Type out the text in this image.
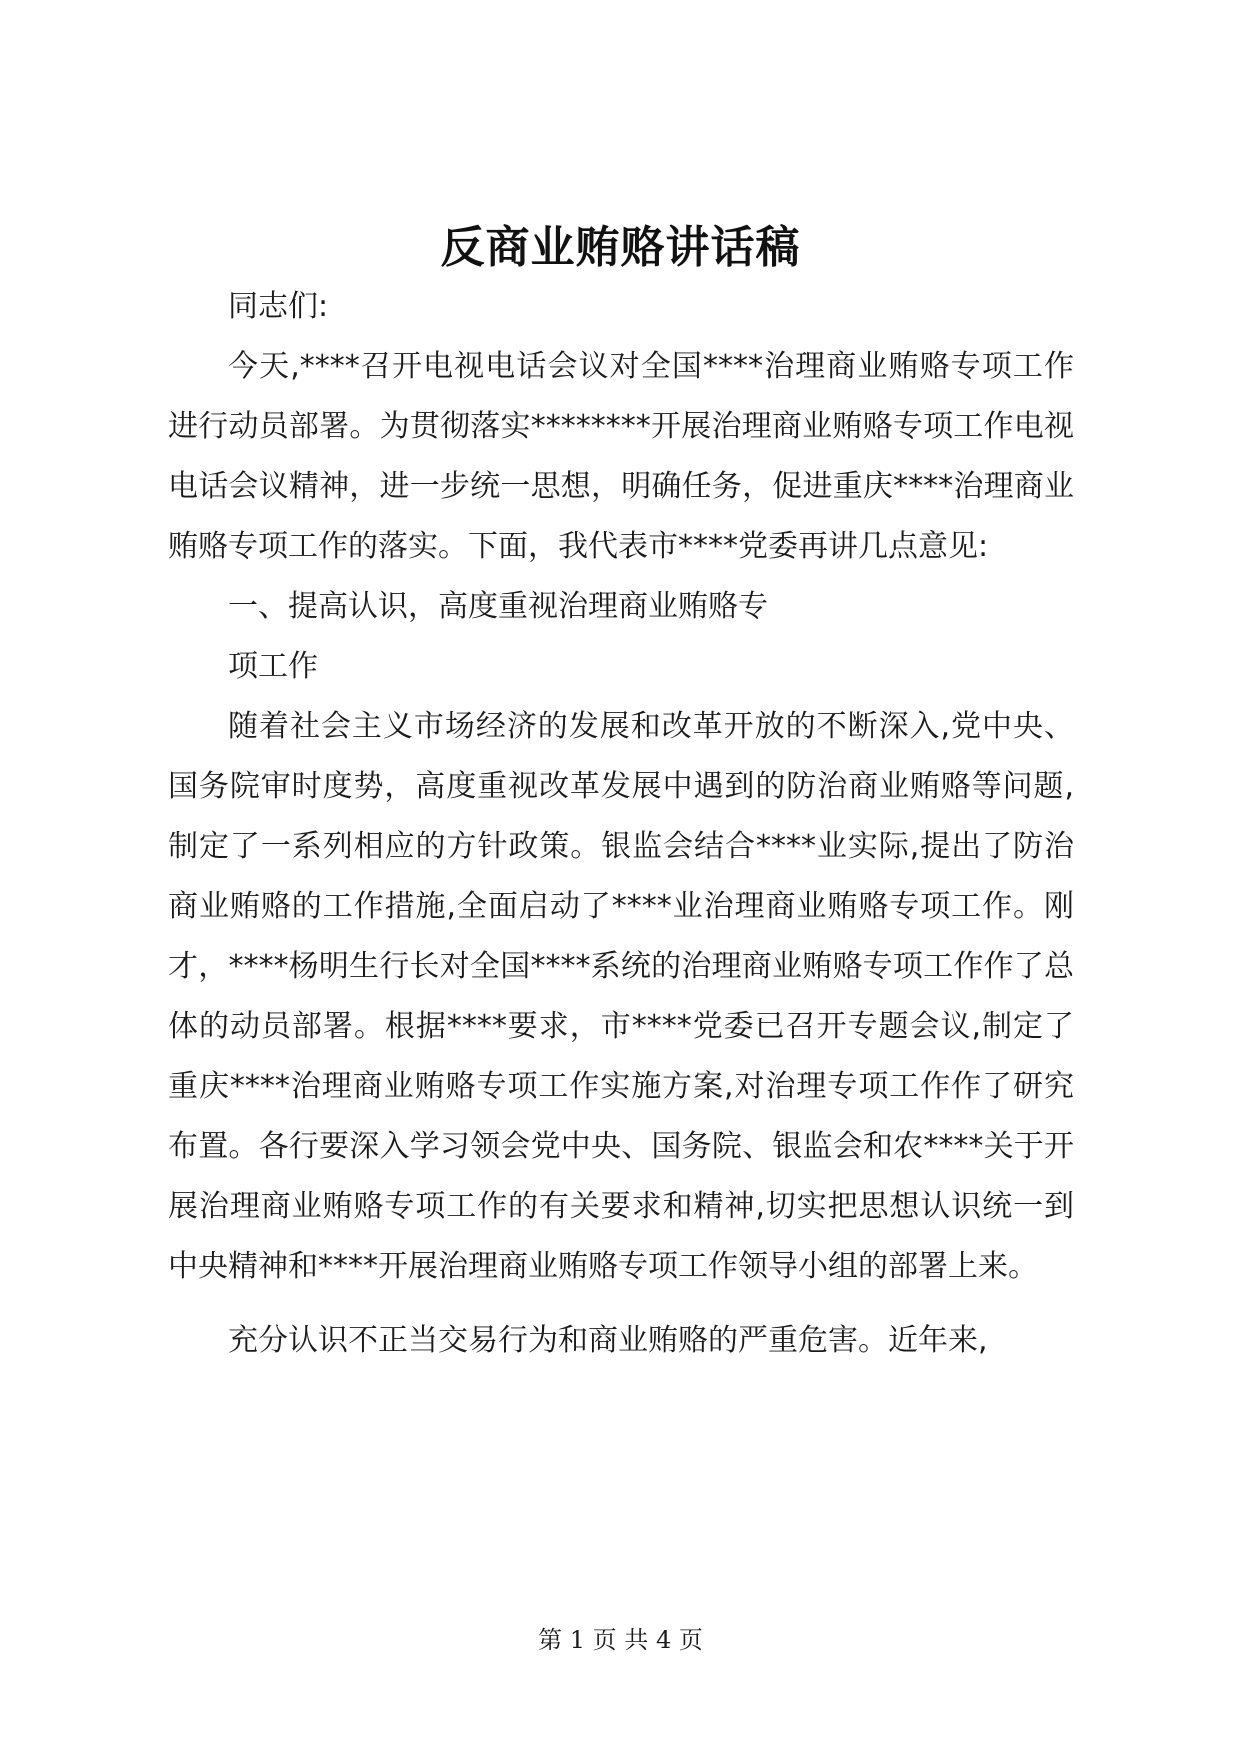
反商业贿赂讲话稿

同志们:

今天,****召开电视电话会议对全国****治理商业贿赂专项工作进行动员部署。为贯彻落实********开展治理商业贿赂专项工作电视电话会议精神，进一步统一思想，明确任务，促进重庆****治理商业贿赂专项工作的落实。下面，我代表市****党委再讲几点意见:

一、提高认识，高度重视治理商业贿赂专

项工作

随着社会主义市场经济的发展和改革开放的不断深入,党中央、国务院审时度势，高度重视改革发展中遇到的防治商业贿赂等问题,制定了一系列相应的方针政策。银监会结合****业实际,提出了防治商业贿赂的工作措施,全面启动了****业治理商业贿赂专项工作。刚才，****杨明生行长对全国****系统的治理商业贿赂专项工作作了总体的动员部署。根据****要求，市****党委已召开专题会议,制定了重庆****治理商业贿赂专项工作实施方案,对治理专项工作作了研究布置。各行要深入学习领会党中央、国务院、银监会和农****关于开展治理商业贿赂专项工作的有关要求和精神,切实把思想认识统一到中央精神和****开展治理商业贿赂专项工作领导小组的部署上来。

充分认识不正当交易行为和商业贿赂的严重危害。近年来,

第 1 页 共 4 页
